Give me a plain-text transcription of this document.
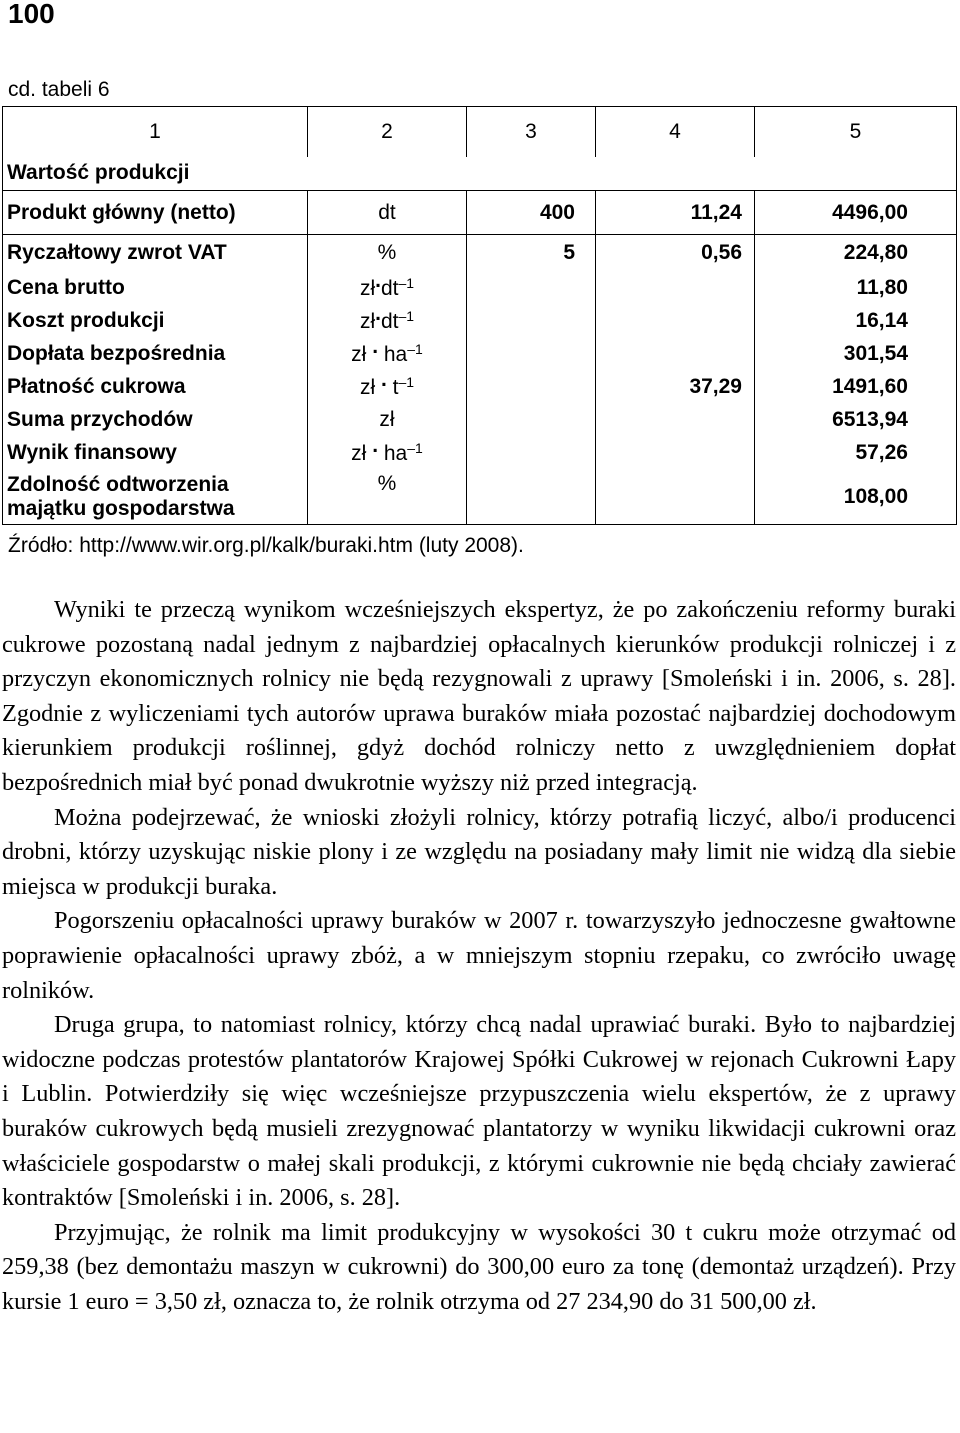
100
cd. tabeli 6
1	2	3	4	5
Wartość produkcji				
Produkt główny (netto)	dt	400	11,24	4496,00
Ryczałtowy zwrot VAT	%	5	0,56	224,80
Cena brutto	$zł.dt^{-1}$			11,80
Koszt produkcji	$zł.dt^{-1}$			16,14
Dopłata bezpośrednia	zł . $ha^{-1}$			301,54
Płatność cukrowa	zł . $t^{-1}$		37,29	1491,60
Suma przychodów	zł			6513,94
Wynik finansowy	zł . $ha^{-1}$			57,26
Zdolność odtworzenia
majątku gospodarstwa	%			108,00
Źródło: http://www.wir.org.pl/kalk/buraki.htm (luty 2008).

Wyniki te przeczą wynikom wcześniejszych ekspertyz, że po zakończeniu reformy buraki cukrowe pozostaną nadal jednym z najbardziej opłacalnych kierunków produkcji rolniczej i z przyczyn ekonomicznych rolnicy nie będą rezygnowali z uprawy [Smoleński i in. 2006, s. 28]. Zgodnie z wyliczeniami tych autorów uprawa buraków miała pozostać najbardziej dochodowym kierunkiem produkcji roślinnej, gdyż dochód rolniczy netto z uwzględnieniem dopłat bezpośrednich miał być ponad dwukrotnie wyższy niż przed integracją.

Można podejrzewać, że wnioski złożyli rolnicy, którzy potrafią liczyć, albo/i producenci drobni, którzy uzyskując niskie plony i ze względu na posiadany mały limit nie widzą dla siebie miejsca w produkcji buraka.

Pogorszeniu opłacalności uprawy buraków w 2007 r. towarzyszyło jednoczesne gwałtowne poprawienie opłacalności uprawy zbóż, a w mniejszym stopniu rzepaku, co zwróciło uwagę rolników.

Druga grupa, to natomiast rolnicy, którzy chcą nadal uprawiać buraki. Było to najbardziej widoczne podczas protestów plantatorów Krajowej Spółki Cukrowej w rejonach Cukrowni Łapy i Lublin. Potwierdziły się więc wcześniejsze przypuszczenia wielu ekspertów, że z uprawy buraków cukrowych będą musieli zrezygnować plantatorzy w wyniku likwidacji cukrowni oraz właściciele gospodarstw o małej skali produkcji, z którymi cukrownie nie będą chciały zawierać kontraktów [Smoleński i in. 2006, s. 28].

Przyjmując, że rolnik ma limit produkcyjny w wysokości 30 t cukru może otrzymać od 259,38 (bez demontażu maszyn w cukrowni) do 300,00 euro za tonę (demontaż urządzeń). Przy kursie 1 euro = 3,50 zł, oznacza to, że rolnik otrzyma od 27 234,90 do 31 500,00 zł.
